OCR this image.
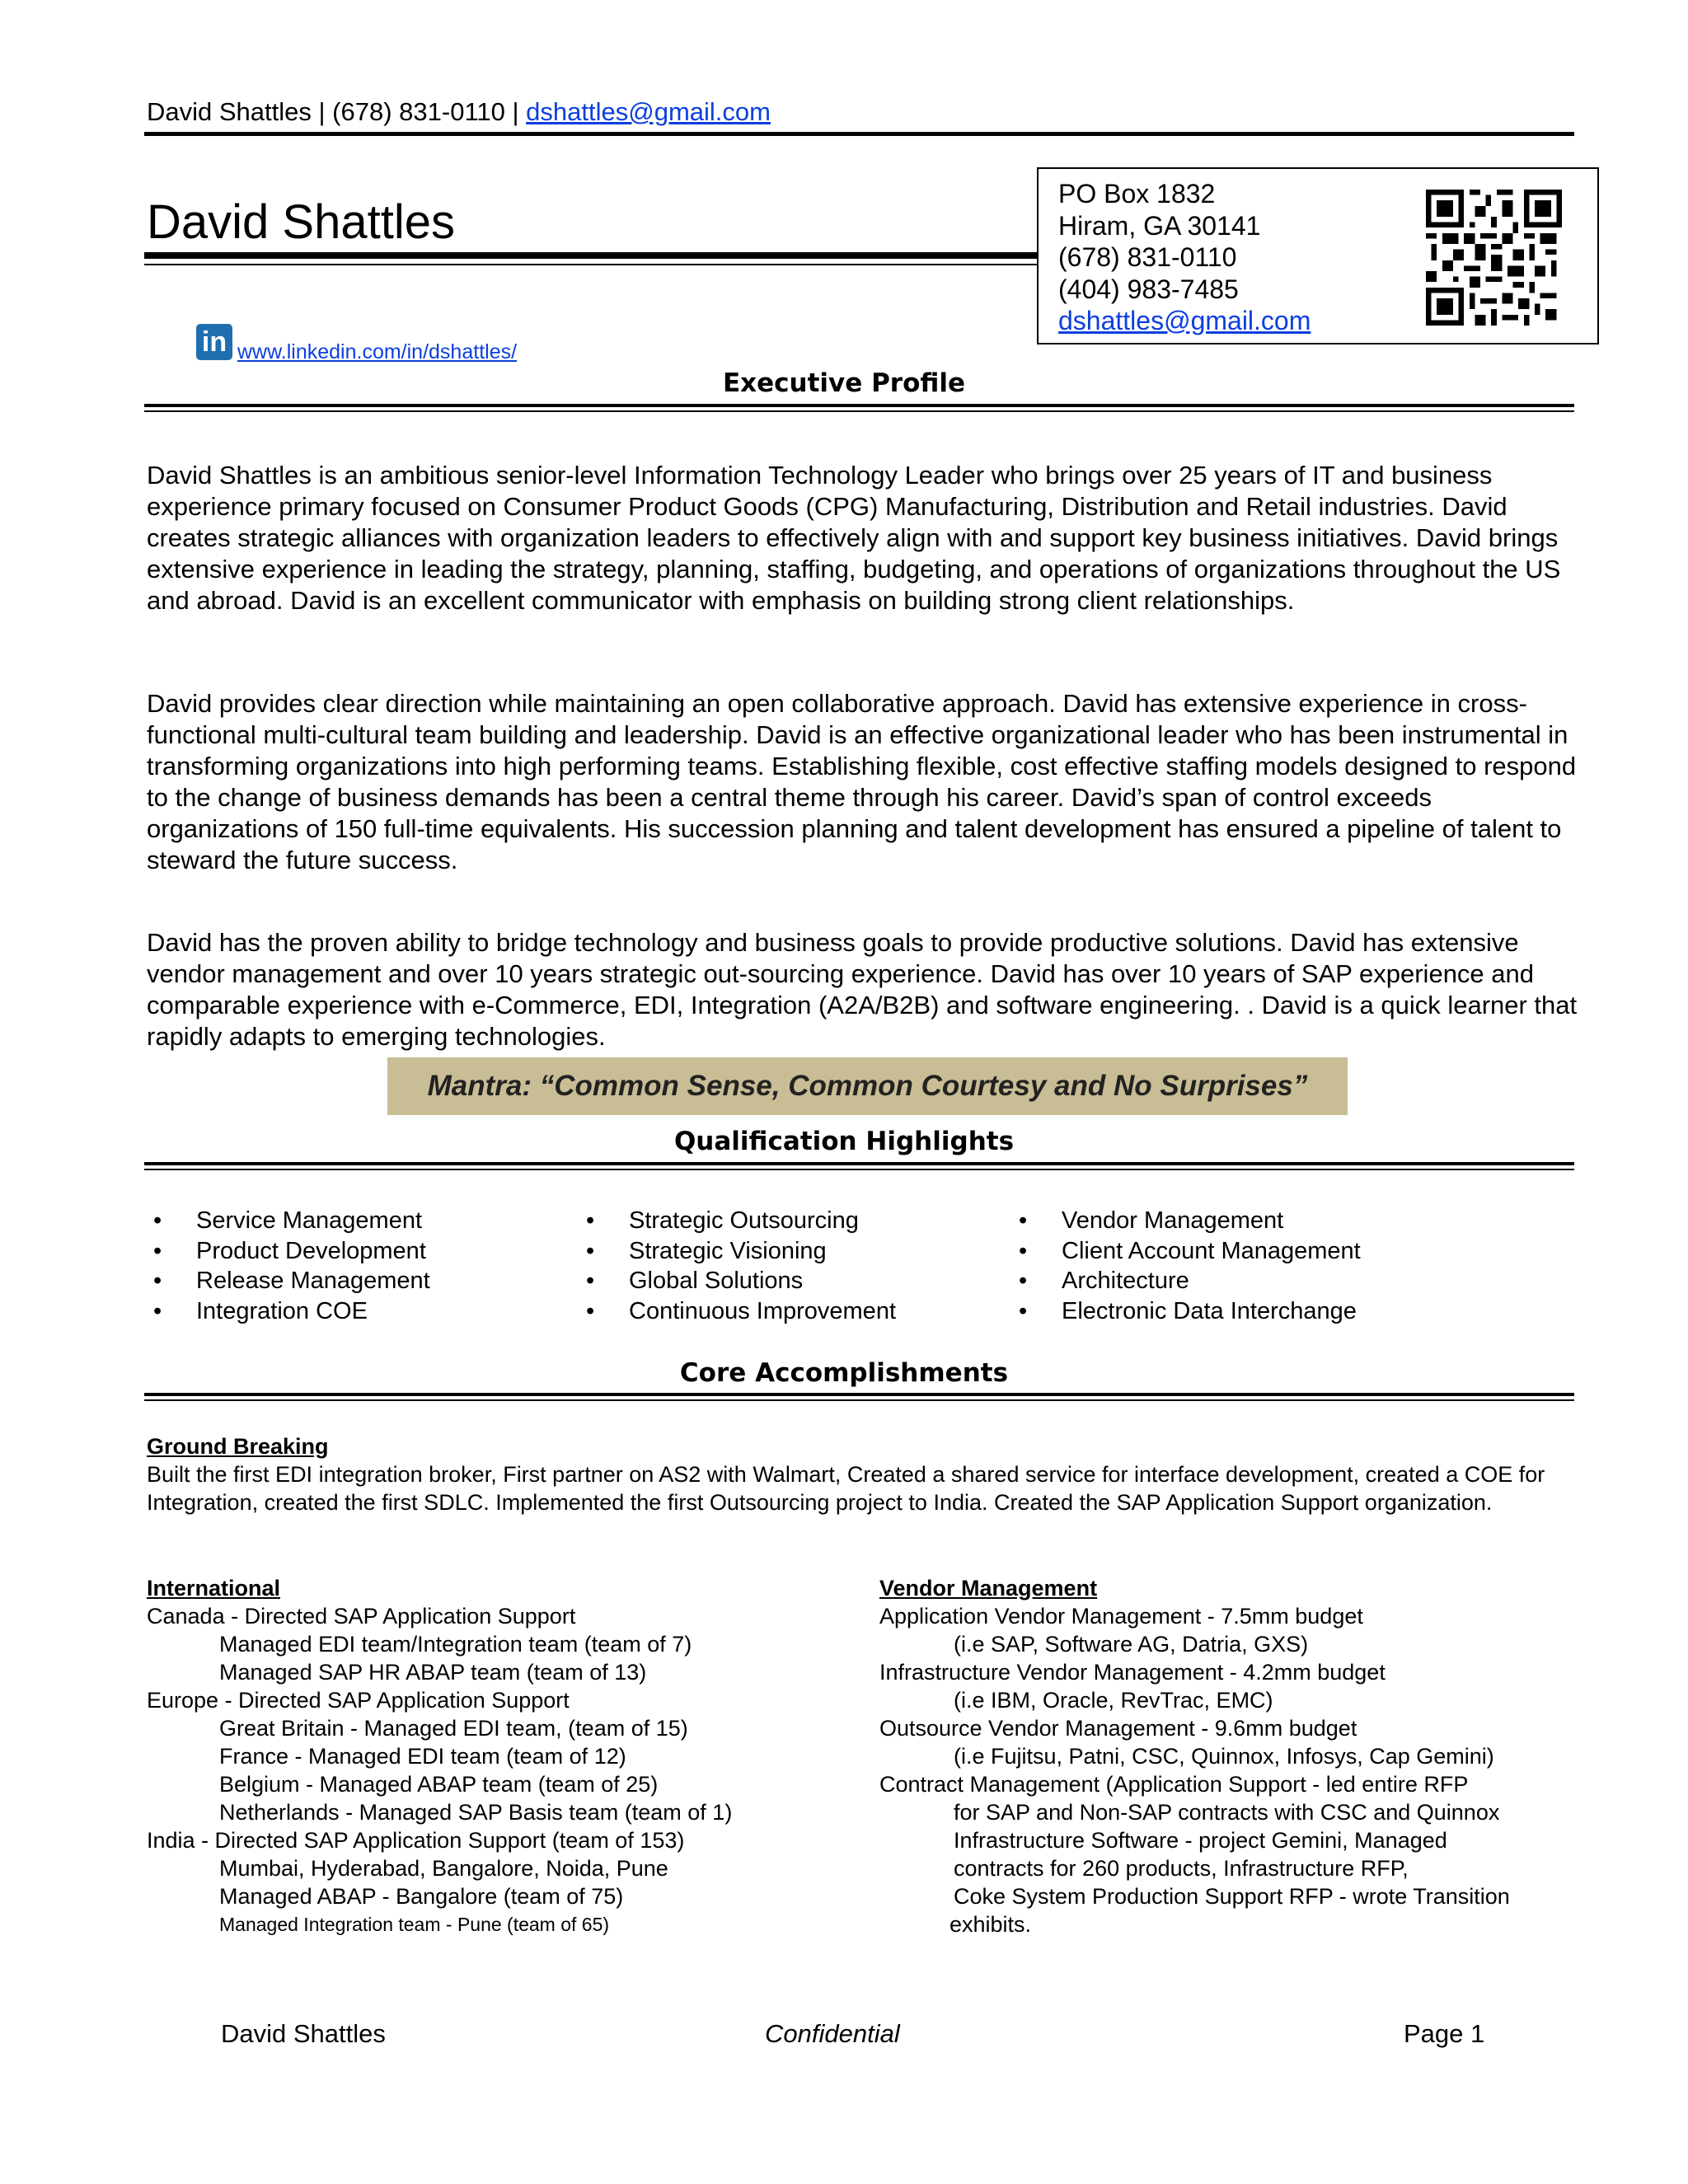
David Shattles | (678) 831-0110 | dshattles@gmail.com
David Shattles
PO Box 1832
Hiram, GA 30141
(678) 831-0110
(404) 983-7485
dshattles@gmail.com
in www.linkedin.com/in/dshattles/
Executive Profile
David Shattles is an ambitious senior-level Information Technology Leader who brings over 25 years of IT and business experience primary focused on Consumer Product Goods (CPG) Manufacturing, Distribution and Retail industries. David creates strategic alliances with organization leaders to effectively align with and support key business initiatives. David brings extensive experience in leading the strategy, planning, staffing, budgeting, and operations of organizations throughout the US and abroad. David is an excellent communicator with emphasis on building strong client relationships.
David provides clear direction while maintaining an open collaborative approach. David has extensive experience in cross-functional multi-cultural team building and leadership. David is an effective organizational leader who has been instrumental in transforming organizations into high performing teams. Establishing flexible, cost effective staffing models designed to respond to the change of business demands has been a central theme through his career. David’s span of control exceeds organizations of 150 full-time equivalents. His succession planning and talent development has ensured a pipeline of talent to steward the future success.
David has the proven ability to bridge technology and business goals to provide productive solutions. David has extensive vendor management and over 10 years strategic out-sourcing experience. David has over 10 years of SAP experience and comparable experience with e-Commerce, EDI, Integration (A2A/B2B) and software engineering. . David is a quick learner that rapidly adapts to emerging technologies.
Mantra: “Common Sense, Common Courtesy and No Surprises”
Qualification Highlights
• Service Management
• Product Development
• Release Management
• Integration COE
• Strategic Outsourcing
• Strategic Visioning
• Global Solutions
• Continuous Improvement
• Vendor Management
• Client Account Management
• Architecture
• Electronic Data Interchange
Core Accomplishments
Ground Breaking
Built the first EDI integration broker, First partner on AS2 with Walmart, Created a shared service for interface development, created a COE for Integration, created the first SDLC. Implemented the first Outsourcing project to India. Created the SAP Application Support organization.
International
Canada - Directed SAP Application Support
Managed EDI team/Integration team (team of 7)
Managed SAP HR ABAP team (team of 13)
Europe - Directed SAP Application Support
Great Britain - Managed EDI team, (team of 15)
France - Managed EDI team (team of 12)
Belgium - Managed ABAP team (team of 25)
Netherlands - Managed SAP Basis team (team of 1)
India - Directed SAP Application Support (team of 153)
Mumbai, Hyderabad, Bangalore, Noida, Pune
Managed ABAP - Bangalore (team of 75)
Managed Integration team - Pune (team of 65)
Vendor Management
Application Vendor Management - 7.5mm budget
(i.e SAP, Software AG, Datria, GXS)
Infrastructure Vendor Management - 4.2mm budget
(i.e IBM, Oracle, RevTrac, EMC)
Outsource Vendor Management - 9.6mm budget
(i.e Fujitsu, Patni, CSC, Quinnox, Infosys, Cap Gemini)
Contract Management (Application Support - led entire RFP
for SAP and Non-SAP contracts with CSC and Quinnox
Infrastructure Software - project Gemini, Managed
contracts for 260 products, Infrastructure RFP,
Coke System Production Support RFP - wrote Transition
exhibits.
David Shattles	Confidential	Page 1
